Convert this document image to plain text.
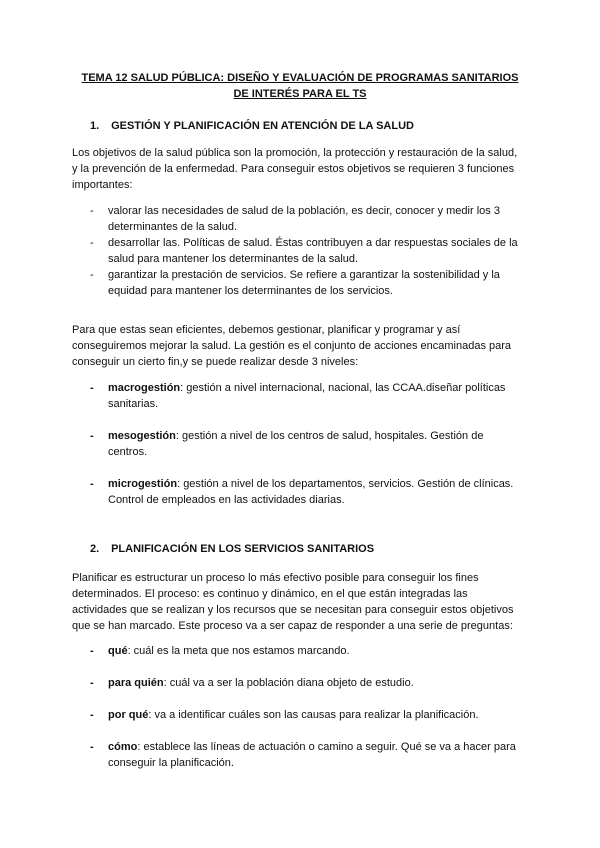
TEMA 12 SALUD PÚBLICA: DISEÑO Y EVALUACIÓN DE PROGRAMAS SANITARIOS
DE INTERÉS PARA EL TS
1. GESTIÓN Y PLANIFICACIÓN EN ATENCIÓN DE LA SALUD
Los objetivos de la salud pública son la promoción, la protección y restauración de la salud, y la prevención de la enfermedad. Para conseguir estos objetivos se requieren 3 funciones importantes:
- valorar las necesidades de salud de la población, es decir, conocer y medir los 3 determinantes de la salud.
- desarrollar las. Políticas de salud. Éstas contribuyen a dar respuestas sociales de la salud para mantener los determinantes de la salud.
- garantizar la prestación de servicios. Se refiere a garantizar la sostenibilidad y la equidad para mantener los determinantes de los servicios.
Para que estas sean eficientes, debemos gestionar, planificar y programar y así conseguiremos mejorar la salud. La gestión es el conjunto de acciones encaminadas para conseguir un cierto fin,y se puede realizar desde 3 niveles:
- macrogestión: gestión a nivel internacional, nacional, las CCAA.diseñar políticas sanitarias.
- mesogestión: gestión a nivel de los centros de salud, hospitales. Gestión de centros.
- microgestión: gestión a nivel de los departamentos, servicios. Gestión de clínicas. Control de empleados en las actividades diarias.
2. PLANIFICACIÓN EN LOS SERVICIOS SANITARIOS
Planificar es estructurar un proceso lo más efectivo posible para conseguir los fines determinados. El proceso: es continuo y dinámico, en el que están integradas las actividades que se realizan y los recursos que se necesitan para conseguir estos objetivos que se han marcado. Este proceso va a ser capaz de responder a una serie de preguntas:
- qué: cuál es la meta que nos estamos marcando.
- para quién: cuál va a ser la población diana objeto de estudio.
- por qué: va a identificar cuáles son las causas para realizar la planificación.
- cómo: establece las líneas de actuación o camino a seguir. Qué se va a hacer para conseguir la planificación.
